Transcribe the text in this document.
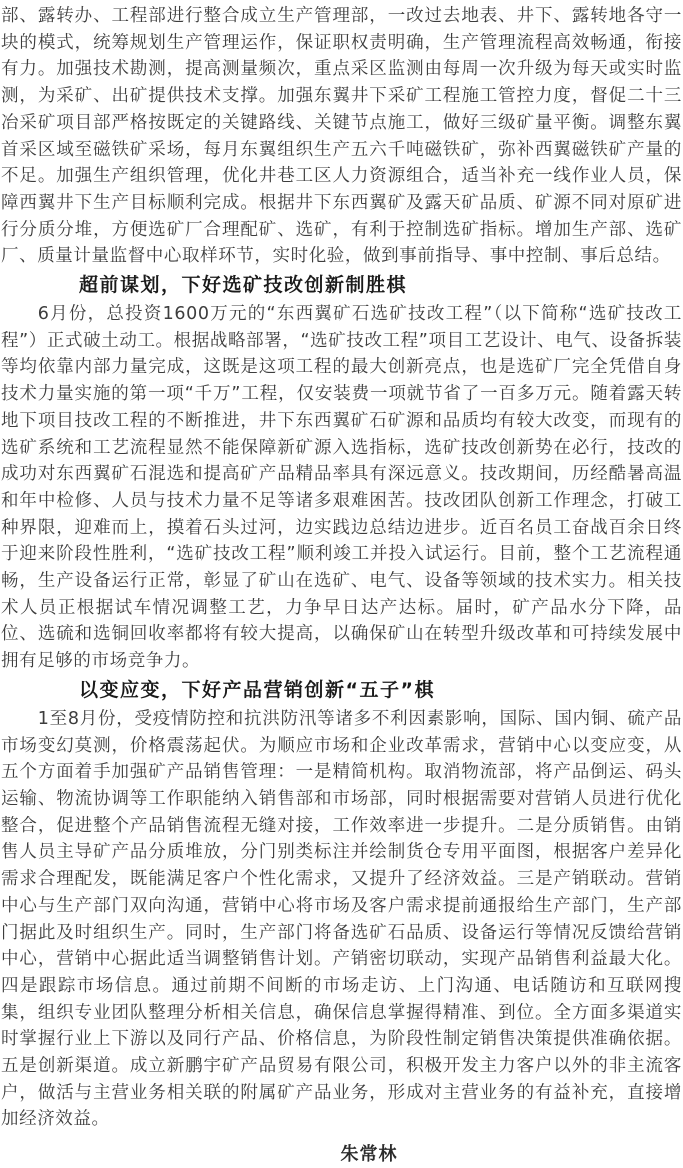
部、露转办、工程部进行整合成立生产管理部，一改过去地表、井下、露转地各守一块的模式，统筹规划生产管理运作，保证职权责明确，生产管理流程高效畅通，衔接有力。加强技术勘测，提高测量频次，重点采区监测由每周一次升级为每天或实时监测，为采矿、出矿提供技术支撑。加强东翼井下采矿工程施工管控力度，督促二十三冶采矿项目部严格按既定的关键路线、关键节点施工，做好三级矿量平衡。调整东翼首采区域至磁铁矿采场，每月东翼组织生产五六千吨磁铁矿，弥补西翼磁铁矿产量的不足。加强生产组织管理，优化井巷工区人力资源组合，适当补充一线作业人员，保障西翼井下生产目标顺利完成。根据井下东西翼矿及露天矿品质、矿源不同对原矿进行分质分堆，方便选矿厂合理配矿、选矿，有利于控制选矿指标。增加生产部、选矿厂、质量计量监督中心取样环节，实时化验，做到事前指导、事中控制、事后总结。

超前谋划，下好选矿技改创新制胜棋

6月份，总投资1600万元的“东西翼矿石选矿技改工程”（以下简称“选矿技改工程”）正式破土动工。根据战略部署，“选矿技改工程”项目工艺设计、电气、设备拆装等均依靠内部力量完成，这既是这项工程的最大创新亮点，也是选矿厂完全凭借自身技术力量实施的第一项“千万”工程，仅安装费一项就节省了一百多万元。随着露天转地下项目技改工程的不断推进，井下东西翼矿石矿源和品质均有较大改变，而现有的选矿系统和工艺流程显然不能保障新矿源入选指标，选矿技改创新势在必行，技改的成功对东西翼矿石混选和提高矿产品精品率具有深远意义。技改期间，历经酷暑高温和年中检修、人员与技术力量不足等诸多艰难困苦。技改团队创新工作理念，打破工种界限，迎难而上，摸着石头过河，边实践边总结边进步。近百名员工奋战百余日终于迎来阶段性胜利，“选矿技改工程”顺利竣工并投入试运行。目前，整个工艺流程通畅，生产设备运行正常，彰显了矿山在选矿、电气、设备等领域的技术实力。相关技术人员正根据试车情况调整工艺，力争早日达产达标。届时，矿产品水分下降，品位、选硫和选铜回收率都将有较大提高，以确保矿山在转型升级改革和可持续发展中拥有足够的市场竞争力。

以变应变，下好产品营销创新“五子”棋

1至8月份，受疫情防控和抗洪防汛等诸多不利因素影响，国际、国内铜、硫产品市场变幻莫测，价格震荡起伏。为顺应市场和企业改革需求，营销中心以变应变，从五个方面着手加强矿产品销售管理：一是精简机构。取消物流部，将产品倒运、码头运输、物流协调等工作职能纳入销售部和市场部，同时根据需要对营销人员进行优化整合，促进整个产品销售流程无缝对接，工作效率进一步提升。二是分质销售。由销售人员主导矿产品分质堆放，分门别类标注并绘制货仓专用平面图，根据客户差异化需求合理配发，既能满足客户个性化需求，又提升了经济效益。三是产销联动。营销中心与生产部门双向沟通，营销中心将市场及客户需求提前通报给生产部门，生产部门据此及时组织生产。同时，生产部门将备选矿石品质、设备运行等情况反馈给营销中心，营销中心据此适当调整销售计划。产销密切联动，实现产品销售利益最大化。四是跟踪市场信息。通过前期不间断的市场走访、上门沟通、电话随访和互联网搜集，组织专业团队整理分析相关信息，确保信息掌握得精准、到位。全方面多渠道实时掌握行业上下游以及同行产品、价格信息，为阶段性制定销售决策提供准确依据。五是创新渠道。成立新鹏宇矿产品贸易有限公司，积极开发主力客户以外的非主流客户，做活与主营业务相关联的附属矿产品业务，形成对主营业务的有益补充，直接增加经济效益。

朱常林
